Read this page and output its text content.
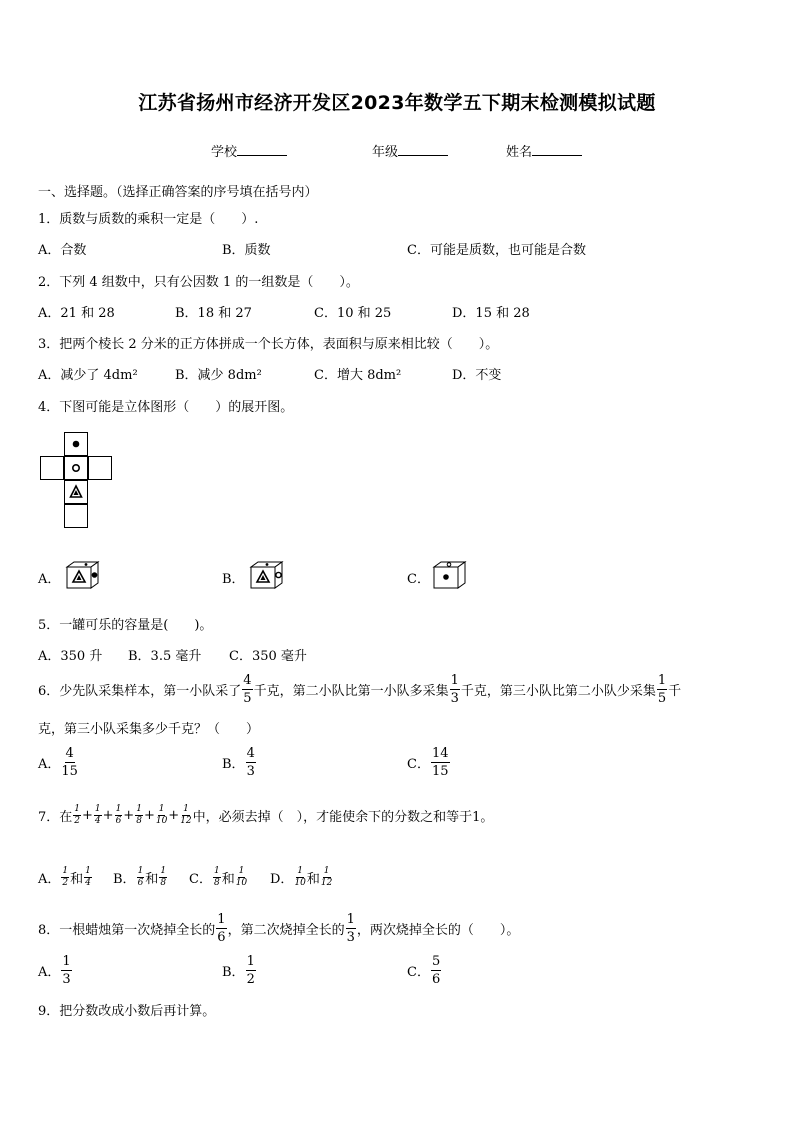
江苏省扬州市经济开发区2023年数学五下期末检测模拟试题
学校	年级	姓名
一、选择题。（选择正确答案的序号填在括号内）
1．质数与质数的乘积一定是（　　）.
A．合数	B．质数	C．可能是质数，也可能是合数
2．下列 4 组数中，只有公因数 1 的一组数是（　　）。
A．21 和 28	B．18 和 27	C．10 和 25	D．15 和 28
3．把两个棱长 2 分米的正方体拼成一个长方体，表面积与原来相比较（　　）。
A．减少了 4dm²	B．减少 8dm²	C．增大 8dm²	D．不变
4．下图可能是立体图形（　　）的展开图。
A．	B．	C．
5．一罐可乐的容量是(　　)。
A．350 升 B．3.5 毫升 C．350 毫升
6．少先队采集样本，第一小队采了 $\frac{4}{5}$ 千克，第二小队比第一小队多采集 $\frac{1}{3}$ 千克，第三小队比第二小队少采集 $\frac{1}{5}$ 千
克，第三小队采集多少千克？（　　）
A． $\frac{4}{15}$	B． $\frac{4}{3}$	C． $\frac{14}{15}$
7．在 $\frac{1}{2} + \frac{1}{4} + \frac{1}{6} + \frac{1}{8} + \frac{1}{10} + \frac{1}{12}$ 中，必须去掉（　），才能使余下的分数之和等于1。
A． $\frac{1}{2}$ 和 $\frac{1}{4}$ B． $\frac{1}{6}$ 和 $\frac{1}{8}$ C． $\frac{1}{8}$ 和 $\frac{1}{10}$ D． $\frac{1}{10}$ 和 $\frac{1}{12}$
8．一根蜡烛第一次烧掉全长的 $\frac{1}{6}$ ，第二次烧掉全长的 $\frac{1}{3}$ ，两次烧掉全长的（　　）。
A． $\frac{1}{3}$	B． $\frac{1}{2}$	C． $\frac{5}{6}$
9．把分数改成小数后再计算。
